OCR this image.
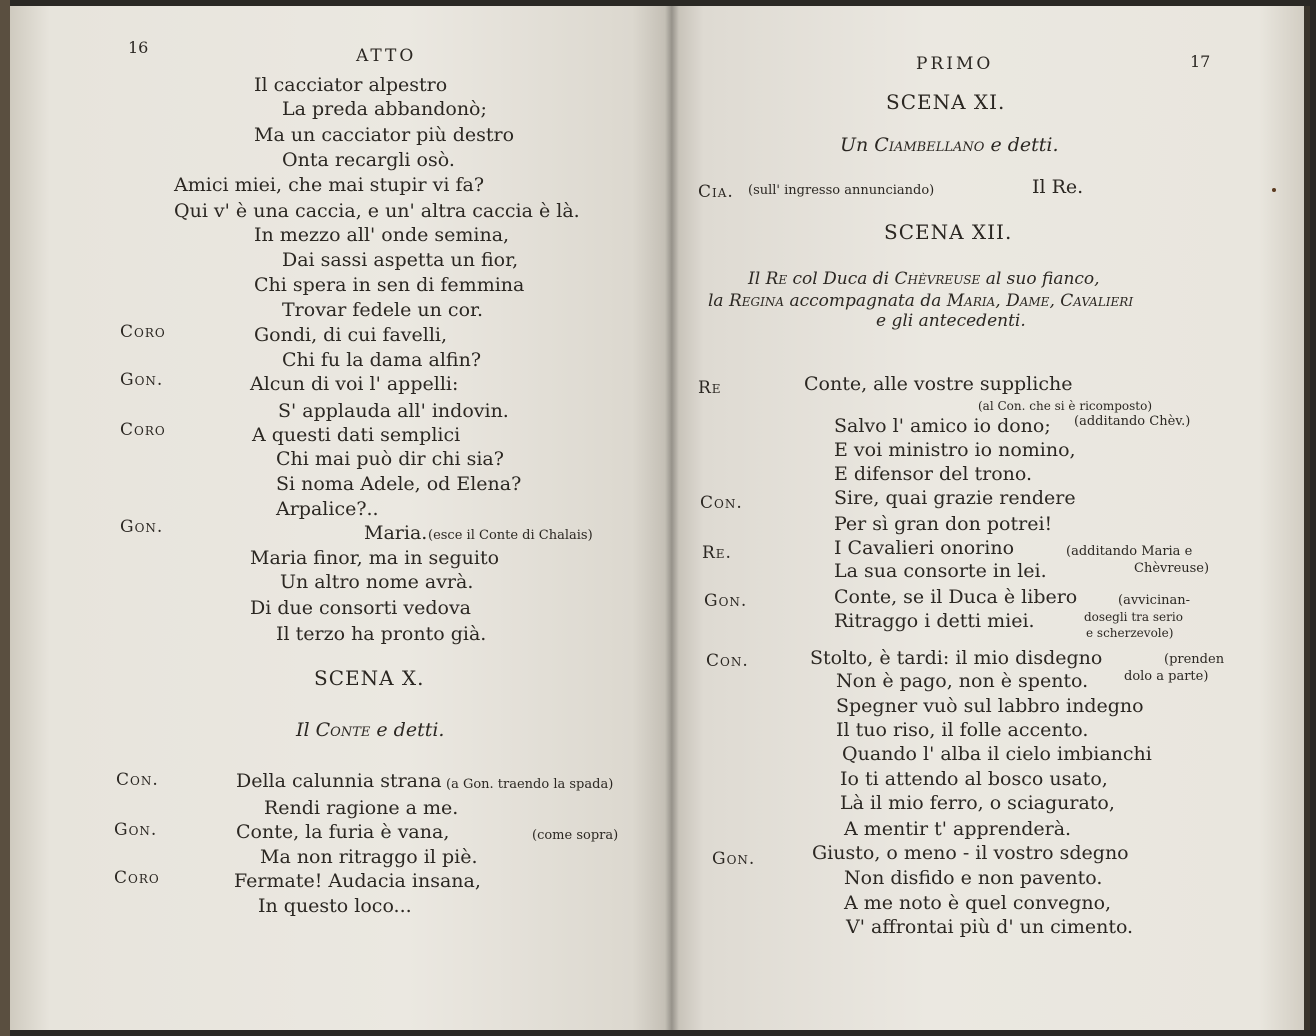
16	ATTO
Il cacciator alpestro
La preda abbandonò;
Ma un cacciator più destro
Onta recargli osò.
Amici miei, che mai stupir vi fa?
Qui v' è una caccia, e un' altra caccia è là.
In mezzo all' onde semina,
Dai sassi aspetta un fior,
Chi spera in sen di femmina
Trovar fedele un cor.
Coro	Gondi, di cui favelli,
Chi fu la dama alfin?
Gon.	Alcun di voi l' appelli:
S' applauda all' indovin.
Coro	A questi dati semplici
Chi mai può dir chi sia?
Si noma Adele, od Elena?
Arpalice?..
Gon.	Maria. (esce il Conte di Chalais)
Maria finor, ma in seguito
Un altro nome avrà.
Di due consorti vedova
Il terzo ha pronto già.
SCENA X.
Il Conte e detti.
Con.	Della calunnia strana (a Gon. traendo la spada)
Rendi ragione a me.
Gon.	Conte, la furia è vana,	(come sopra)
Ma non ritraggo il piè.
Coro	Fermate! Audacia insana,
In questo loco...
PRIMO	17
SCENA XI.
Un Ciambellano e detti.
Cia. (sull' ingresso annunciando)	Il Re.
SCENA XII.
Il Re col Duca di Chèvreuse al suo fianco,
la Regina accompagnata da Maria, Dame, Cavalieri
e gli antecedenti.
Re	Conte, alle vostre suppliche
(al Con. che si è ricomposto)
Salvo l' amico io dono; (additando Chèv.)
E voi ministro io nomino,
E difensor del trono.
Con.	Sire, quai grazie rendere
Per sì gran don potrei!
Re.	I Cavalieri onorino	(additando Maria e
La sua consorte in lei.	Chèvreuse)
Gon.	Conte, se il Duca è libero	(avvicinan-
Ritraggo i detti miei.	dosegli tra serio
e scherzevole)
Con.	Stolto, è tardi: il mio disdegno	(prenden
Non è pago, non è spento.	dolo a parte)
Spegner vuò sul labbro indegno
Il tuo riso, il folle accento.
Quando l' alba il cielo imbianchi
Io ti attendo al bosco usato,
Là il mio ferro, o sciagurato,
A mentir t' apprenderà.
Gon.	Giusto, o meno - il vostro sdegno
Non disfido e non pavento.
A me noto è quel convegno,
V' affrontai più d' un cimento.
